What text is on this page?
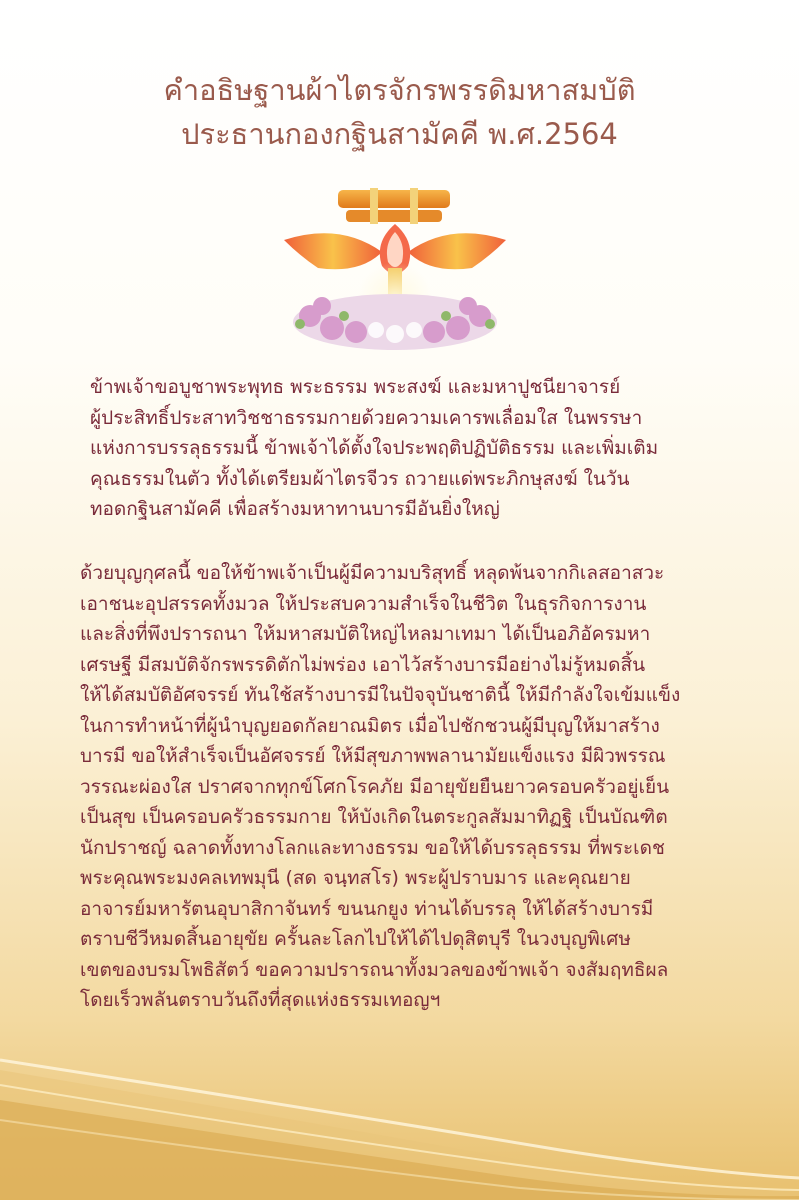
คำอธิษฐานผ้าไตรจักรพรรดิมหาสมบัติ
ประธานกองกฐินสามัคคี พ.ศ.2564
ข้าพเจ้าขอบูชาพระพุทธ พระธรรม พระสงฆ์ และมหาปูชนียาจารย์
ผู้ประสิทธิ์ประสาทวิชชาธรรมกายด้วยความเคารพเลื่อมใส ในพรรษา
แห่งการบรรลุธรรมนี้ ข้าพเจ้าได้ตั้งใจประพฤติปฏิบัติธรรม และเพิ่มเติม
คุณธรรมในตัว ทั้งได้เตรียมผ้าไตรจีวร ถวายแด่พระภิกษุสงฆ์ ในวัน
ทอดกฐินสามัคคี เพื่อสร้างมหาทานบารมีอันยิ่งใหญ่
ด้วยบุญกุศลนี้ ขอให้ข้าพเจ้าเป็นผู้มีความบริสุทธิ์ หลุดพ้นจากกิเลสอาสวะ
เอาชนะอุปสรรคทั้งมวล ให้ประสบความสำเร็จในชีวิต ในธุรกิจการงาน
และสิ่งที่พึงปรารถนา ให้มหาสมบัติใหญ่ไหลมาเทมา ได้เป็นอภิอัครมหา
เศรษฐี มีสมบัติจักรพรรดิตักไม่พร่อง เอาไว้สร้างบารมีอย่างไม่รู้หมดสิ้น
ให้ได้สมบัติอัศจรรย์ ทันใช้สร้างบารมีในปัจจุบันชาตินี้ ให้มีกำลังใจเข้มแข็ง
ในการทำหน้าที่ผู้นำบุญยอดกัลยาณมิตร เมื่อไปชักชวนผู้มีบุญให้มาสร้าง
บารมี ขอให้สำเร็จเป็นอัศจรรย์ ให้มีสุขภาพพลานามัยแข็งแรง มีผิวพรรณ
วรรณะผ่องใส ปราศจากทุกข์โศกโรคภัย มีอายุขัยยืนยาวครอบครัวอยู่เย็น
เป็นสุข เป็นครอบครัวธรรมกาย ให้บังเกิดในตระกูลสัมมาทิฏฐิ เป็นบัณฑิต
นักปราชญ์ ฉลาดทั้งทางโลกและทางธรรม ขอให้ได้บรรลุธรรม ที่พระเดช
พระคุณพระมงคลเทพมุนี (สด จนฺทสโร) พระผู้ปราบมาร และคุณยาย
อาจารย์มหารัตนอุบาสิกาจันทร์ ขนนกยูง ท่านได้บรรลุ ให้ได้สร้างบารมี
ตราบชีวีหมดสิ้นอายุขัย ครั้นละโลกไปให้ได้ไปดุสิตบุรี ในวงบุญพิเศษ
เขตของบรมโพธิสัตว์ ขอความปรารถนาทั้งมวลของข้าพเจ้า จงสัมฤทธิผล
โดยเร็วพลันตราบวันถึงที่สุดแห่งธรรมเทอญฯ
